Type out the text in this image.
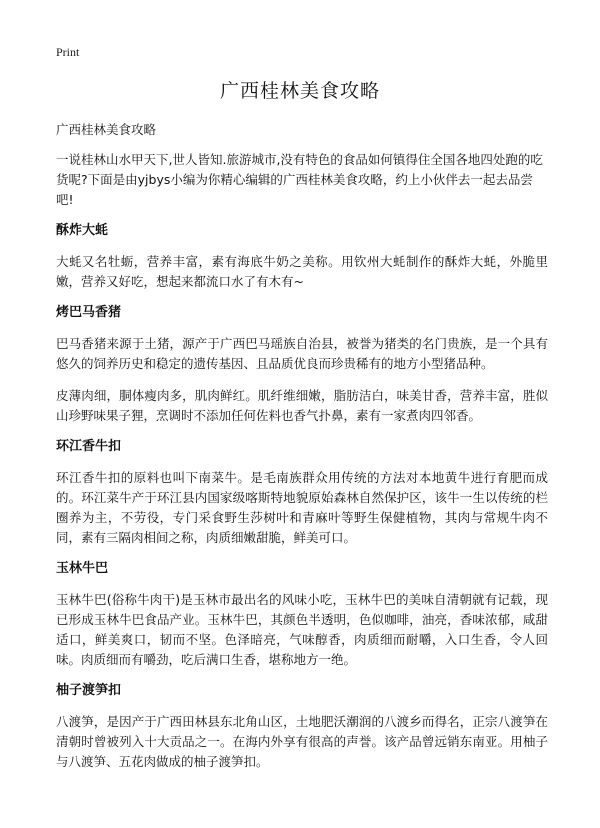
Print
广西桂林美食攻略

广西桂林美食攻略

一说桂林山水甲天下,世人皆知.旅游城市,没有特色的食品如何镇得住全国各地四处跑的吃货呢?下面是由yjbys小编为你精心编辑的广西桂林美食攻略，约上小伙伴去一起去品尝吧!

酥炸大蚝

大蚝又名牡蛎，营养丰富，素有海底牛奶之美称。用钦州大蚝制作的酥炸大蚝，外脆里嫩，营养又好吃，想起来都流口水了有木有~

烤巴马香猪

巴马香猪来源于土猪，源产于广西巴马瑶族自治县，被誉为猪类的名门贵族，是一个具有悠久的饲养历史和稳定的遗传基因、且品质优良而珍贵稀有的地方小型猪品种。

皮薄肉细，胴体瘦肉多，肌肉鲜红。肌纤维细嫩，脂肪洁白，味美甘香，营养丰富，胜似山珍野味果子狸，烹调时不添加任何佐料也香气扑鼻，素有一家煮肉四邻香。

环江香牛扣

环江香牛扣的原料也叫下南菜牛。是毛南族群众用传统的方法对本地黄牛进行育肥而成的。环江菜牛产于环江县内国家级喀斯特地貌原始森林自然保护区，该牛一生以传统的栏圈养为主，不劳役，专门采食野生莎树叶和青麻叶等野生保健植物，其肉与常规牛肉不同，素有三隔肉相间之称，肉质细嫩甜脆，鲜美可口。

玉林牛巴

玉林牛巴(俗称牛肉干)是玉林市最出名的风味小吃，玉林牛巴的美味自清朝就有记载，现已形成玉林牛巴食品产业。玉林牛巴，其颜色半透明，色似咖啡，油亮，香味浓郁，咸甜适口，鲜美爽口，韧而不坚。色泽暗亮，气味醇香，肉质细而耐嚼，入口生香，令人回味。肉质细而有嚼劲，吃后满口生香，堪称地方一绝。

柚子渡笋扣

八渡笋，是因产于广西田林县东北角山区，土地肥沃潮润的八渡乡而得名，正宗八渡笋在清朝时曾被列入十大贡品之一。在海内外享有很高的声誉。该产品曾远销东南亚。用柚子与八渡笋、五花肉做成的柚子渡笋扣。
